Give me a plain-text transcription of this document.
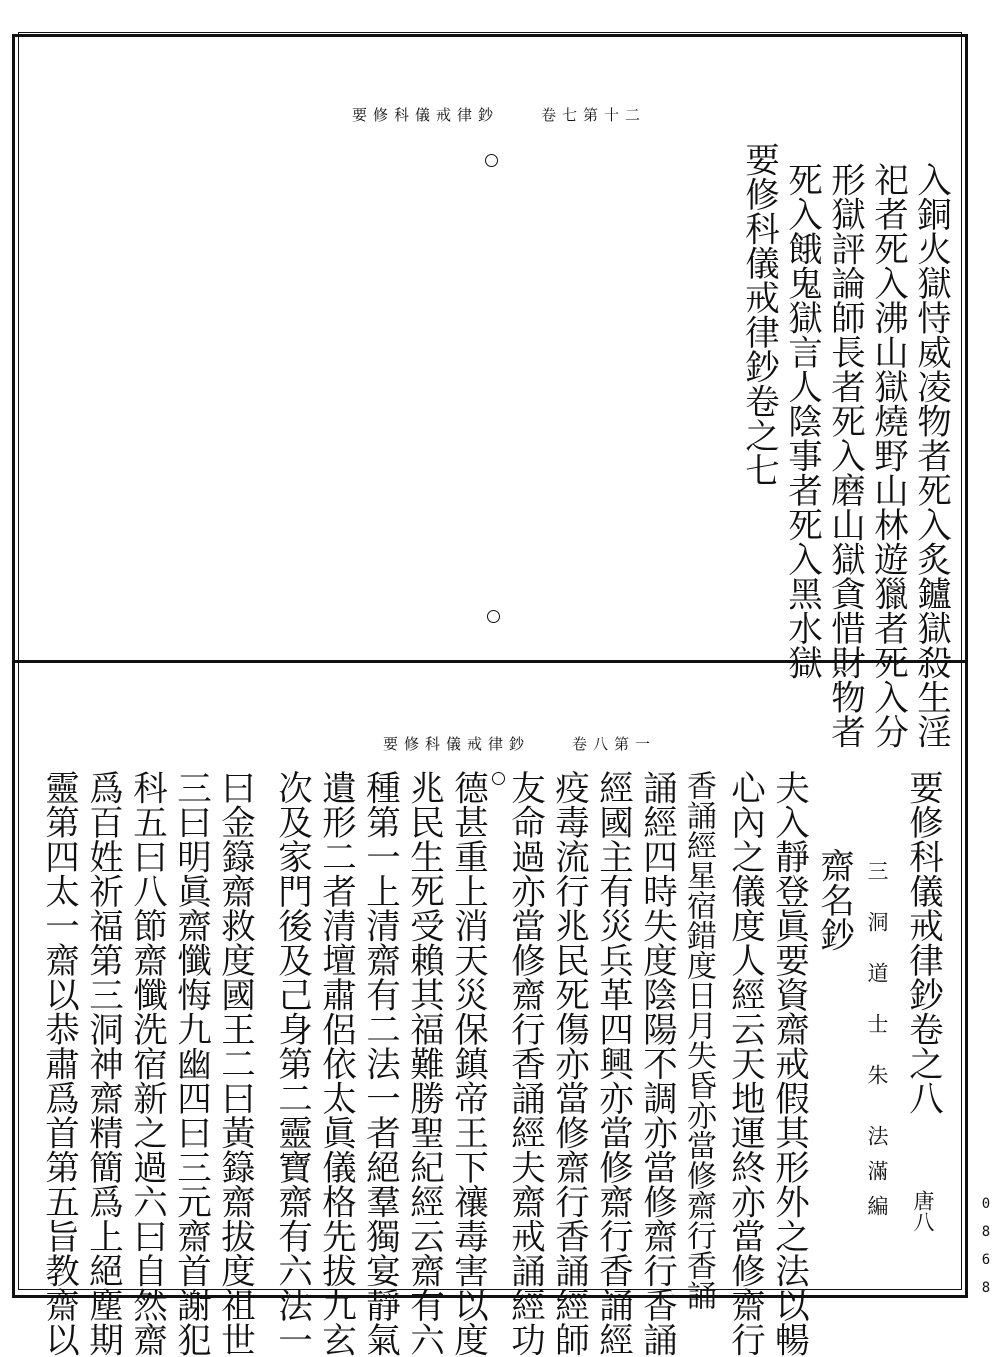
要修科儀戒律鈔　　卷七第十二
入銅火獄恃威凌物者死入炙鑪獄殺生淫
祀者死入沸山獄燒野山林遊獵者死入分
形獄評論師長者死入磨山獄貪惜財物者
死入餓鬼獄言人陰事者死入黑水獄
要修科儀戒律鈔卷之七
要修科儀戒律鈔　　卷八第一
要修科儀戒律鈔卷之八
唐八
三洞道士朱
法滿編
齋名鈔
夫入靜登眞要資齋戒假其形外之法以暢
心內之儀度人經云天地運終亦當修齋行
香誦經星宿錯度日月失昏亦當修齋行香誦
誦經四時失度陰陽不調亦當修齋行香誦
經國主有災兵革四興亦當修齋行香誦經
疫毒流行兆民死傷亦當修齋行香誦經師
友命過亦當修齋行香誦經夫齋戒誦經功
德甚重上消天災保鎮帝王下禳毒害以度
兆民生死受賴其福難勝聖紀經云齋有六
種第一上清齋有二法一者絕羣獨宴靜氣
遺形二者清壇肅侶依太眞儀格先拔九玄
次及家門後及己身第二靈寶齋有六法一
曰金籙齋救度國王二曰黃籙齋拔度祖世
三曰明眞齋懺悔九幽四曰三元齋首謝犯
科五曰八節齋懺洗宿新之過六曰自然齋
爲百姓祈福第三洞神齋精簡爲上絕塵期
靈第四太一齋以恭肅爲首第五旨教齋以	0
8
6
8
